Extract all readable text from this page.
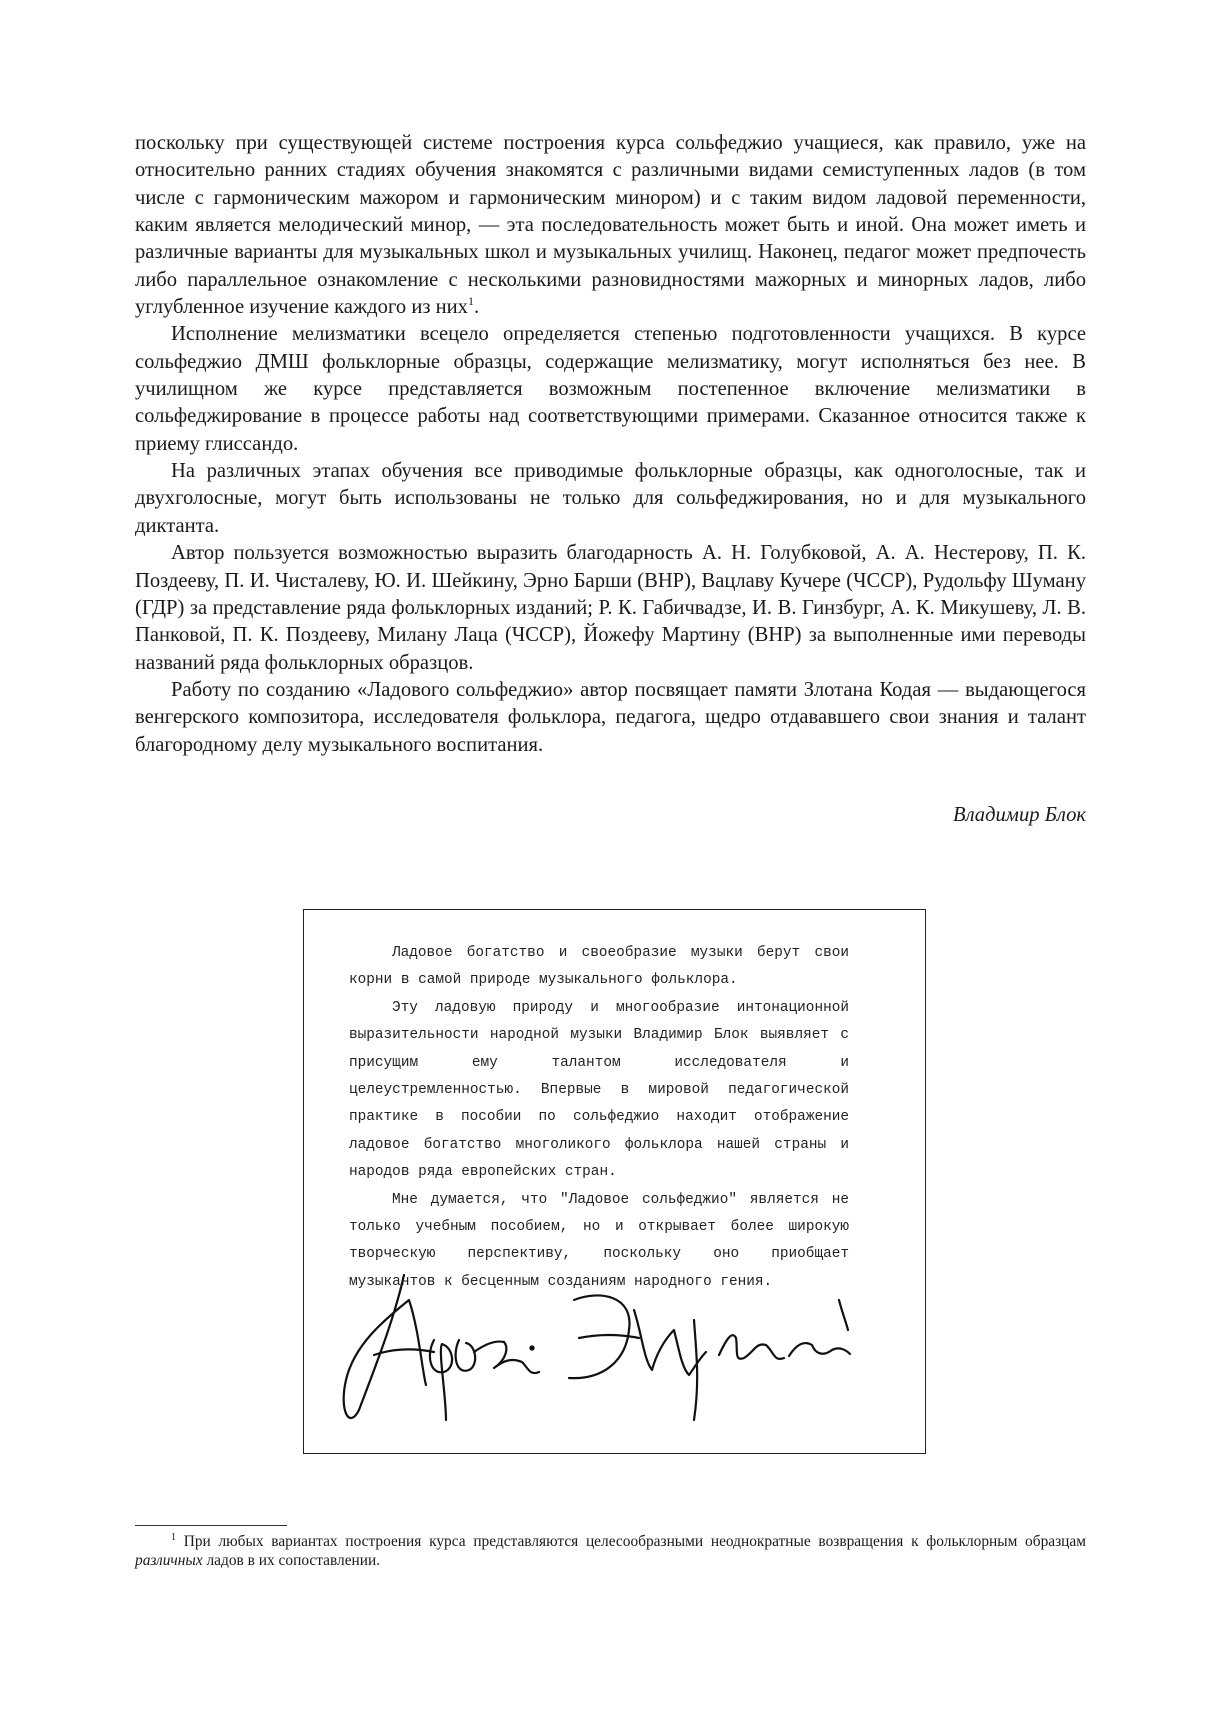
поскольку при существующей системе построения курса сольфеджио учащиеся, как правило, уже на относительно ранних стадиях обучения знакомятся с различными видами семиступенных ладов (в том числе с гармоническим мажором и гармоническим минором) и с таким видом ладовой переменности, каким является мелодический минор, — эта последовательность может быть и иной. Она может иметь и различные варианты для музыкальных школ и музыкальных училищ. Наконец, педагог может предпочесть либо параллельное ознакомление с несколькими разновидностями мажорных и минорных ладов, либо углубленное изучение каждого из них$^1$.

Исполнение мелизматики всецело определяется степенью подготовленности учащихся. В курсе сольфеджио ДМШ фольклорные образцы, содержащие мелизматику, могут исполняться без нее. В училищном же курсе представляется возможным постепенное включение мелизматики в сольфеджирование в процессе работы над соответствующими примерами. Сказанное относится также к приему глиссандо.

На различных этапах обучения все приводимые фольклорные образцы, как одноголосные, так и двухголосные, могут быть использованы не только для сольфеджирования, но и для музыкального диктанта.

Автор пользуется возможностью выразить благодарность А. Н. Голубковой, А. А. Нестерову, П. К. Поздееву, П. И. Чисталеву, Ю. И. Шейкину, Эрно Барши (ВНР), Вацлаву Кучере (ЧССР), Рудольфу Шуману (ГДР) за представление ряда фольклорных изданий; Р. К. Габичвадзе, И. В. Гинзбург, А. К. Микушеву, Л. В. Панковой, П. К. Поздееву, Милану Лаца (ЧССР), Йожефу Мартину (ВНР) за выполненные ими переводы названий ряда фольклорных образцов.

Работу по созданию «Ладового сольфеджио» автор посвящает памяти Злотана Кодая — выдающегося венгерского композитора, исследователя фольклора, педагога, щедро отдававшего свои знания и талант благородному делу музыкального воспитания.

Владимир Блок

Ладовое богатство и своеобразие музыки берут свои корни в самой природе музыкального фольклора.

Эту ладовую природу и многообразие интонационной выразительности народной музыки Владимир Блок выявляет с присущим ему талантом исследователя и целеустремленностью. Впервые в мировой педагогической практике в пособии по сольфеджио находит отображение ладовое богатство многоликого фольклора нашей страны и народов ряда европейских стран.

Мне думается, что "Ладовое сольфеджио" является не только учебным пособием, но и открывает более широкую творческую перспективу, поскольку оно приобщает музыкантов к бесценным созданиям народного гения.

$^1$ При любых вариантах построения курса представляются целесообразными неоднократные возвращения к фольклорным образцам различных ладов в их сопоставлении.
